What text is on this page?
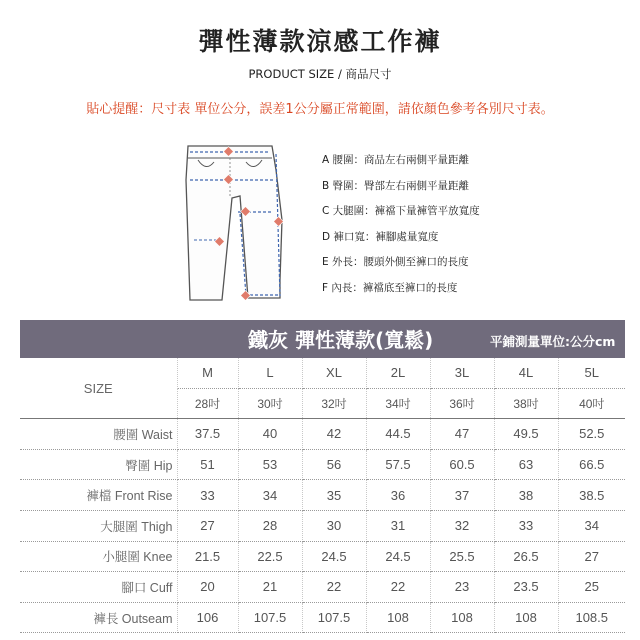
彈性薄款涼感工作褲
PRODUCT SIZE / 商品尺寸
貼心提醒：尺寸表 單位公分，誤差1公分屬正常範圍，請依顏色參考各別尺寸表。
A 腰圍：商品左右兩側平量距離
B 臀圍：臀部左右兩側平量距離
C 大腿圍：褲襠下量褲管平放寬度
D 褲口寬：褲腳處量寬度
E 外長：腰頭外側至褲口的長度
F 內長：褲襠底至褲口的長度
鐵灰 彈性薄款(寬鬆)	平鋪測量單位:公分cm
SIZE	M	L	XL	2L	3L	4L	5L
	28吋	30吋	32吋	34吋	36吋	38吋	40吋
腰圍 Waist	37.5	40	42	44.5	47	49.5	52.5
臀圍 Hip	51	53	56	57.5	60.5	63	66.5
褲檔 Front Rise	33	34	35	36	37	38	38.5
大腿圍 Thigh	27	28	30	31	32	33	34
小腿圍 Knee	21.5	22.5	24.5	24.5	25.5	26.5	27
腳口 Cuff	20	21	22	22	23	23.5	25
褲長 Outseam	106	107.5	107.5	108	108	108	108.5
